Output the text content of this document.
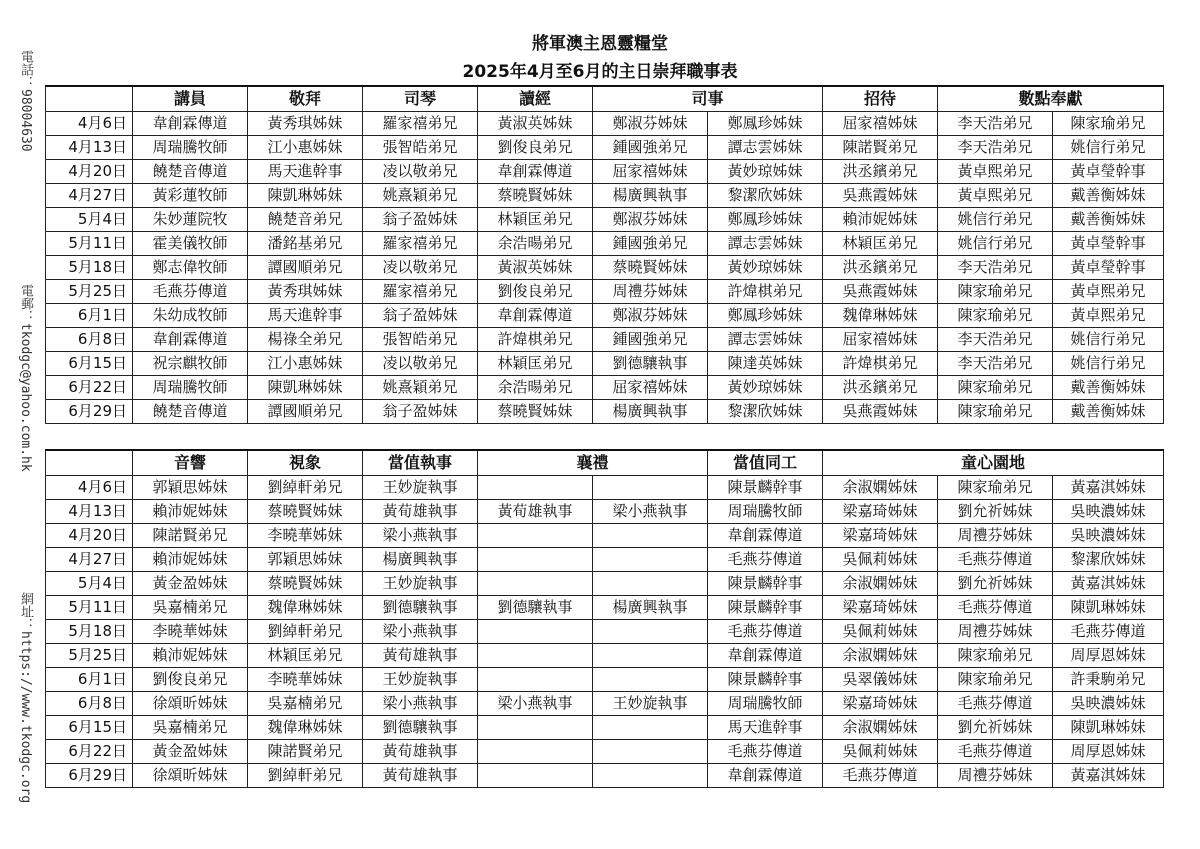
將軍澳主恩靈糧堂
2025年4月至6月的主日崇拜職事表
電話：98004630
電郵：tkodgc@yahoo.com.hk
網址：https://www.tkodgc.org
	講員	敬拜	司琴	讀經	司事		招待	數點奉獻	
4月6日	韋創霖傳道	黃秀琪姊妹	羅家禧弟兄	黃淑英姊妹	鄭淑芬姊妹	鄭鳳珍姊妹	屈家禧姊妹	李天浩弟兄	陳家瑜弟兄
4月13日	周瑞騰牧師	江小惠姊妹	張智皓弟兄	劉俊良弟兄	鍾國強弟兄	譚志雲姊妹	陳諾賢弟兄	李天浩弟兄	姚信行弟兄
4月20日	饒楚音傳道	馬天進幹事	凌以敬弟兄	韋創霖傳道	屈家禧姊妹	黃妙琼姊妹	洪丞鑌弟兄	黃卓熙弟兄	黃卓瑩幹事
4月27日	黃彩蓮牧師	陳凱琳姊妹	姚熹穎弟兄	蔡曉賢姊妹	楊廣興執事	黎潔欣姊妹	吳燕霞姊妹	黃卓熙弟兄	戴善衡姊妹
5月4日	朱妙蓮院牧	饒楚音弟兄	翁子盈姊妹	林穎匡弟兄	鄭淑芬姊妹	鄭鳳珍姊妹	賴沛妮姊妹	姚信行弟兄	戴善衡姊妹
5月11日	霍美儀牧師	潘銘基弟兄	羅家禧弟兄	余浩暘弟兄	鍾國強弟兄	譚志雲姊妹	林穎匡弟兄	姚信行弟兄	黃卓瑩幹事
5月18日	鄭志偉牧師	譚國順弟兄	凌以敬弟兄	黃淑英姊妹	蔡曉賢姊妹	黃妙琼姊妹	洪丞鑌弟兄	李天浩弟兄	黃卓瑩幹事
5月25日	毛燕芬傳道	黃秀琪姊妹	羅家禧弟兄	劉俊良弟兄	周禮芬姊妹	許煒棋弟兄	吳燕霞姊妹	陳家瑜弟兄	黃卓熙弟兄
6月1日	朱幼成牧師	馬天進幹事	翁子盈姊妹	韋創霖傳道	鄭淑芬姊妹	鄭鳳珍姊妹	魏偉琳姊妹	陳家瑜弟兄	黃卓熙弟兄
6月8日	韋創霖傳道	楊祿全弟兄	張智皓弟兄	許煒棋弟兄	鍾國強弟兄	譚志雲姊妹	屈家禧姊妹	李天浩弟兄	姚信行弟兄
6月15日	祝宗麒牧師	江小惠姊妹	凌以敬弟兄	林穎匡弟兄	劉德驤執事	陳達英姊妹	許煒棋弟兄	李天浩弟兄	姚信行弟兄
6月22日	周瑞騰牧師	陳凱琳姊妹	姚熹穎弟兄	余浩暘弟兄	屈家禧姊妹	黃妙琼姊妹	洪丞鑌弟兄	陳家瑜弟兄	戴善衡姊妹
6月29日	饒楚音傳道	譚國順弟兄	翁子盈姊妹	蔡曉賢姊妹	楊廣興執事	黎潔欣姊妹	吳燕霞姊妹	陳家瑜弟兄	戴善衡姊妹
	音響	視象	當值執事	襄禮		當值同工	童心園地		
4月6日	郭穎思姊妹	劉綽軒弟兄	王妙旋執事			陳景麟幹事	余淑嫻姊妹	陳家瑜弟兄	黃嘉淇姊妹
4月13日	賴沛妮姊妹	蔡曉賢姊妹	黃荀雄執事	黃荀雄執事	梁小燕執事	周瑞騰牧師	梁嘉琦姊妹	劉允祈姊妹	吳映濃姊妹
4月20日	陳諾賢弟兄	李曉華姊妹	梁小燕執事			韋創霖傳道	梁嘉琦姊妹	周禮芬姊妹	吳映濃姊妹
4月27日	賴沛妮姊妹	郭穎思姊妹	楊廣興執事			毛燕芬傳道	吳佩莉姊妹	毛燕芬傳道	黎潔欣姊妹
5月4日	黃金盈姊妹	蔡曉賢姊妹	王妙旋執事			陳景麟幹事	余淑嫻姊妹	劉允祈姊妹	黃嘉淇姊妹
5月11日	吳嘉楠弟兄	魏偉琳姊妹	劉德驤執事	劉德驤執事	楊廣興執事	陳景麟幹事	梁嘉琦姊妹	毛燕芬傳道	陳凱琳姊妹
5月18日	李曉華姊妹	劉綽軒弟兄	梁小燕執事			毛燕芬傳道	吳佩莉姊妹	周禮芬姊妹	毛燕芬傳道
5月25日	賴沛妮姊妹	林穎匡弟兄	黃荀雄執事			韋創霖傳道	余淑嫻姊妹	陳家瑜弟兄	周厚恩姊妹
6月1日	劉俊良弟兄	李曉華姊妹	王妙旋執事			陳景麟幹事	吳翠儀姊妹	陳家瑜弟兄	許秉駒弟兄
6月8日	徐頌昕姊妹	吳嘉楠弟兄	梁小燕執事	梁小燕執事	王妙旋執事	周瑞騰牧師	梁嘉琦姊妹	毛燕芬傳道	吳映濃姊妹
6月15日	吳嘉楠弟兄	魏偉琳姊妹	劉德驤執事			馬天進幹事	余淑嫻姊妹	劉允祈姊妹	陳凱琳姊妹
6月22日	黃金盈姊妹	陳諾賢弟兄	黃荀雄執事			毛燕芬傳道	吳佩莉姊妹	毛燕芬傳道	周厚恩姊妹
6月29日	徐頌昕姊妹	劉綽軒弟兄	黃荀雄執事			韋創霖傳道	毛燕芬傳道	周禮芬姊妹	黃嘉淇姊妹
